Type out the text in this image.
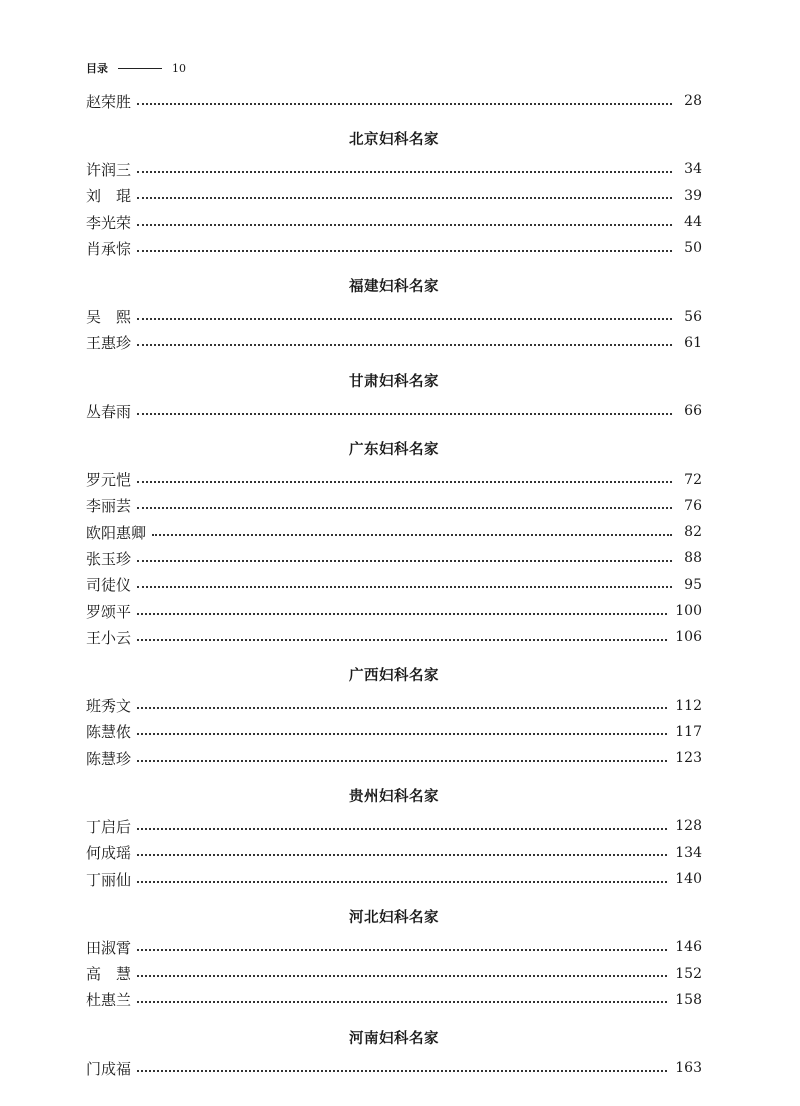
目录	10
赵荣胜	28
北京妇科名家
许润三	34
刘　琨	39
李光荣	44
肖承悰	50
福建妇科名家
吴　熙	56
王惠珍	61
甘肃妇科名家
丛春雨	66
广东妇科名家
罗元恺	72
李丽芸	76
欧阳惠卿	82
张玉珍	88
司徒仪	95
罗颂平	100
王小云	106
广西妇科名家
班秀文	112
陈慧侬	117
陈慧珍	123
贵州妇科名家
丁启后	128
何成瑶	134
丁丽仙	140
河北妇科名家
田淑霄	146
高　慧	152
杜惠兰	158
河南妇科名家
门成福	163
